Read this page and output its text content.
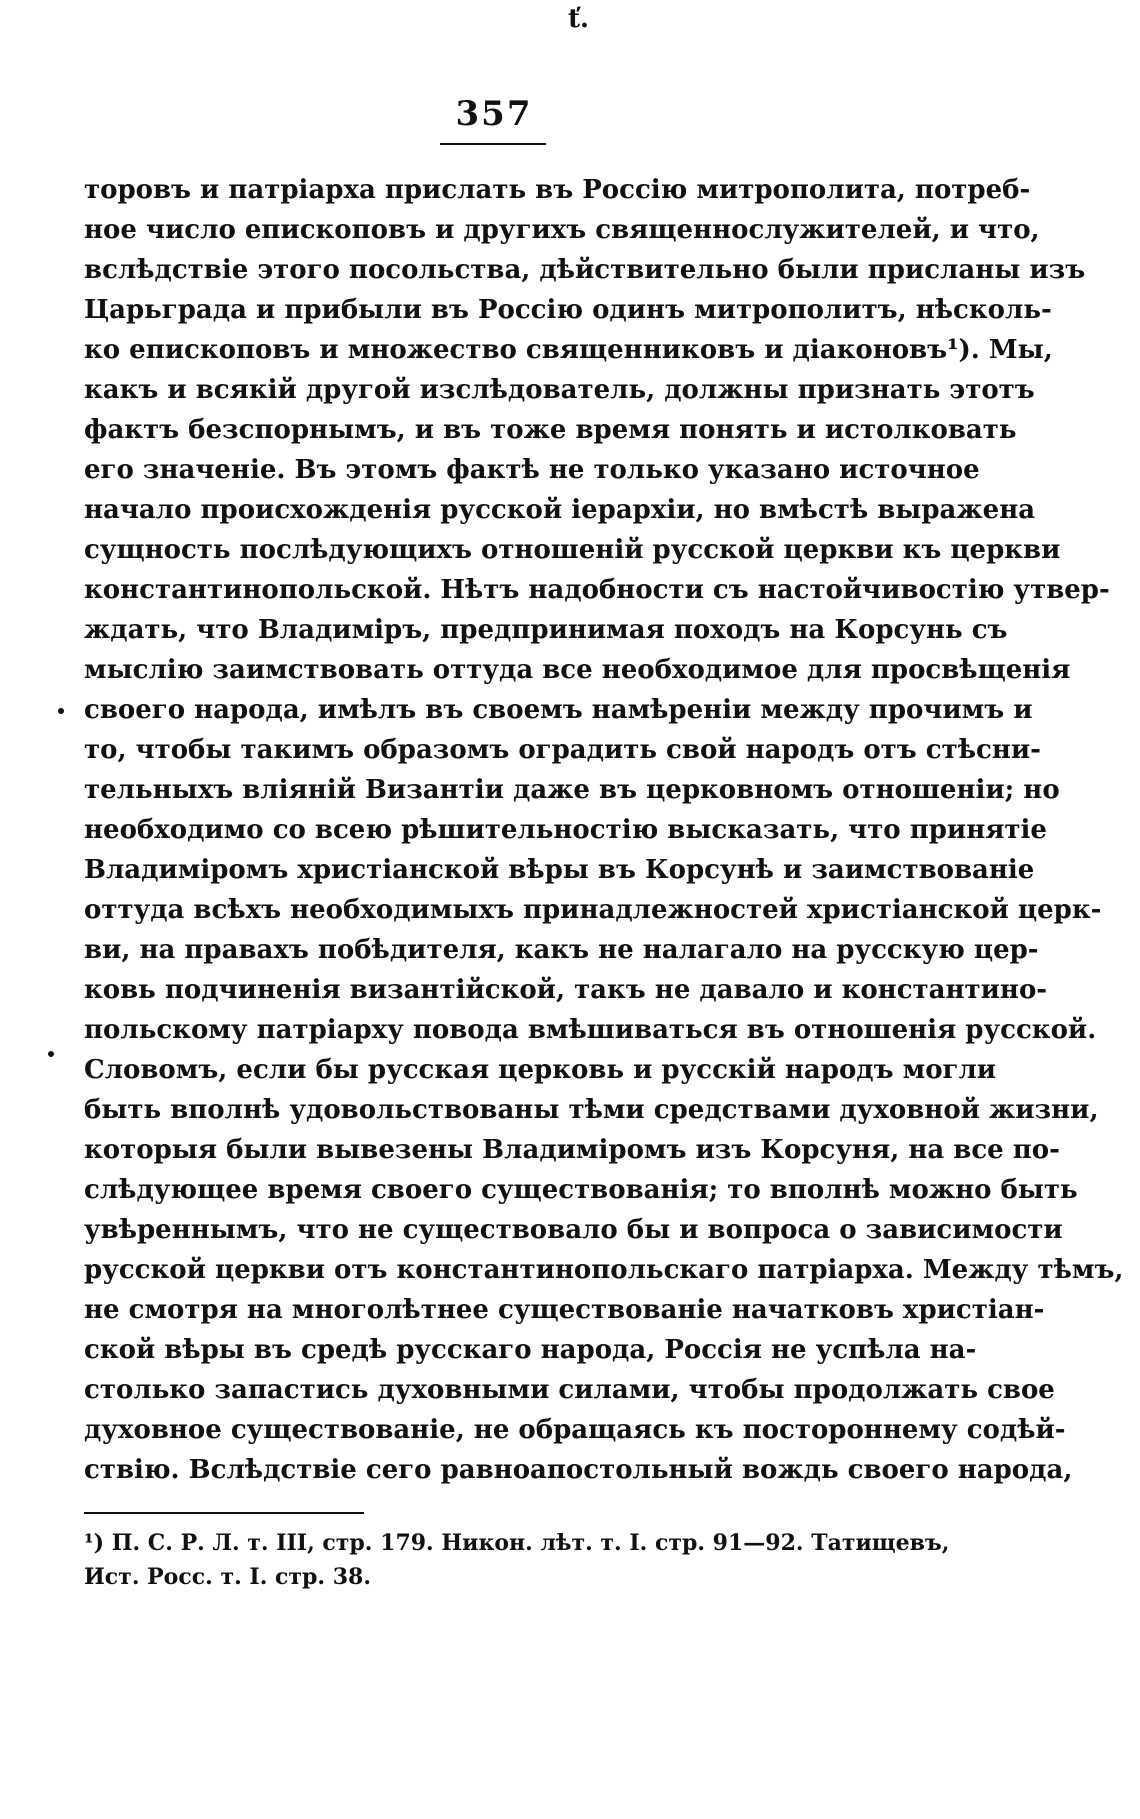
ť.
357
торовъ и патріарха прислать въ Россію митрополита, потреб-
ное число епископовъ и другихъ священнослужителей, и что,
вслѣдствіе этого посольства, дѣйствительно были присланы изъ
Царьграда и прибыли въ Россію одинъ митрополитъ, нѣсколь-
ко епископовъ и множество священниковъ и діаконовъ¹). Мы,
какъ и всякій другой изслѣдователь, должны признать этотъ
фактъ безспорнымъ, и въ тоже время понять и истолковать
его значеніе. Въ этомъ фактѣ не только указано источное
начало происхожденія русской іерархіи, но вмѣстѣ выражена
сущность послѣдующихъ отношеній русской церкви къ церкви
константинопольской. Нѣтъ надобности съ настойчивостію утвер-
ждать, что Владиміръ, предпринимая походъ на Корсунь съ
мыслію заимствовать оттуда все необходимое для просвѣщенія
своего народа, имѣлъ въ своемъ намѣреніи между прочимъ и
то, чтобы такимъ образомъ оградить свой народъ отъ стѣсни-
тельныхъ вліяній Византіи даже въ церковномъ отношеніи; но
необходимо со всею рѣшительностію высказать, что принятіе
Владиміромъ христіанской вѣры въ Корсунѣ и заимствованіе
оттуда всѣхъ необходимыхъ принадлежностей христіанской церк-
ви, на правахъ побѣдителя, какъ не налагало на русскую цер-
ковь подчиненія византійской, такъ не давало и константино-
польскому патріарху повода вмѣшиваться въ отношенія русской.
Словомъ, если бы русская церковь и русскій народъ могли
быть вполнѣ удовольствованы тѣми средствами духовной жизни,
которыя были вывезены Владиміромъ изъ Корсуня, на все по-
слѣдующее время своего существованія; то вполнѣ можно быть
увѣреннымъ, что не существовало бы и вопроса о зависимости
русской церкви отъ константинопольскаго патріарха. Между тѣмъ,
не смотря на многолѣтнее существованіе начатковъ христіан-
ской вѣры въ средѣ русскаго народа, Россія не успѣла на-
столько запастись духовными силами, чтобы продолжать свое
духовное существованіе, не обращаясь къ постороннему содѣй-
ствію. Вслѣдствіе сего равноапостольный вождь своего народа,
¹) П. С. Р. Л. т. III, стр. 179. Никон. лѣт. т. I. стр. 91—92. Татищевъ,
Ист. Росс. т. I. стр. 38.
